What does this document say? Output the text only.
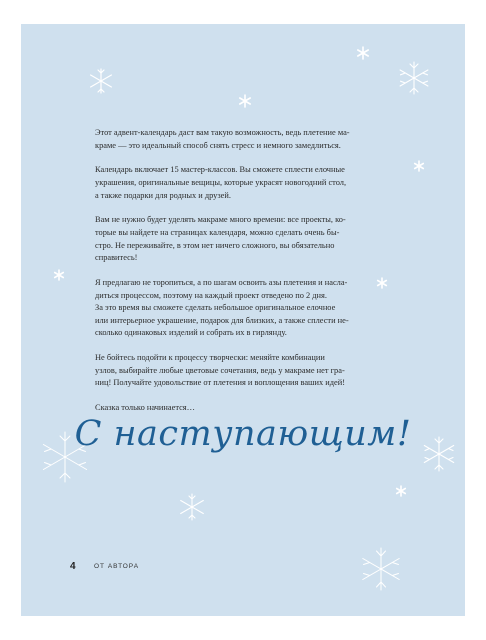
Этот адвент-календарь даст вам такую возможность, ведь плетение ма-
краме — это идеальный способ снять стресс и немного замедлиться.

Календарь включает 15 мастер-классов. Вы сможете сплести елочные
украшения, оригинальные вещицы, которые украсят новогодний стол,
а также подарки для родных и друзей.

Вам не нужно будет уделять макраме много времени: все проекты, ко-
торые вы найдете на страницах календаря, можно сделать очень бы-
стро. Не переживайте, в этом нет ничего сложного, вы обязательно
справитесь!

Я предлагаю не торопиться, а по шагам освоить азы плетения и насла-
диться процессом, поэтому на каждый проект отведено по 2 дня.
За это время вы сможете сделать небольшое оригинальное елочное
или интерьерное украшение, подарок для близких, а также сплести не-
сколько одинаковых изделий и собрать их в гирлянду.

Не бойтесь подойти к процессу творчески: меняйте комбинации
узлов, выбирайте любые цветовые сочетания, ведь у макраме нет гра-
ниц! Получайте удовольствие от плетения и воплощения ваших идей!

Сказка только начинается…

С наступающим!
4	ОТ АВТОРА
